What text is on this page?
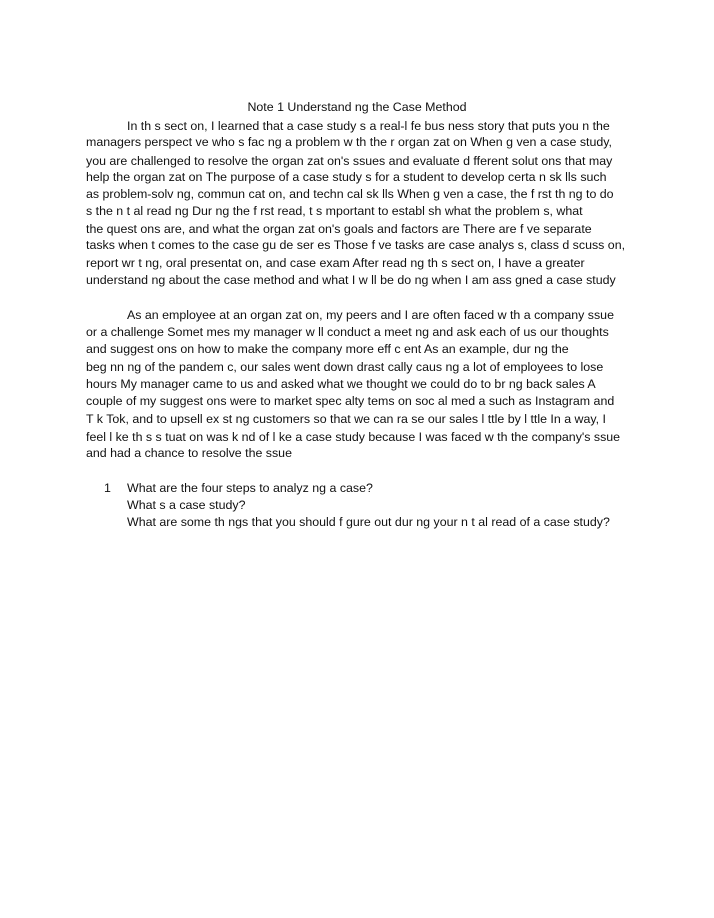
Note 1 Understand ng the Case Method
In th s sect on, I learned that a case study s a real-l fe bus ness story that puts you n the
managers perspect ve who s fac ng a problem w th the r organ zat on When g ven a case study,
you are challenged to resolve the organ zat on's ssues and evaluate d fferent solut ons that may
help the organ zat on The purpose of a case study s for a student to develop certa n sk lls such
as problem-solv ng, commun cat on, and techn cal sk lls When g ven a case, the f rst th ng to do
s the n t al read ng Dur ng the f rst read, t s mportant to establ sh what the problem s, what
the quest ons are, and what the organ zat on's goals and factors are There are f ve separate
tasks when t comes to the case gu de ser es Those f ve tasks are case analys s, class d scuss on,
report wr t ng, oral presentat on, and case exam After read ng th s sect on, I have a greater
understand ng about the case method and what I w ll be do ng when I am ass gned a case study
As an employee at an organ zat on, my peers and I are often faced w th a company ssue
or a challenge Somet mes my manager w ll conduct a meet ng and ask each of us our thoughts
and suggest ons on how to make the company more eff c ent As an example, dur ng the
beg nn ng of the pandem c, our sales went down drast cally caus ng a lot of employees to lose
hours My manager came to us and asked what we thought we could do to br ng back sales A
couple of my suggest ons were to market spec alty tems on soc al med a such as Instagram and
T k Tok, and to upsell ex st ng customers so that we can ra se our sales l ttle by l ttle In a way, I
feel l ke th s s tuat on was k nd of l ke a case study because I was faced w th the company's ssue
and had a chance to resolve the ssue
1 What are the four steps to analyz ng a case?
What s a case study?
What are some th ngs that you should f gure out dur ng your n t al read of a case study?
